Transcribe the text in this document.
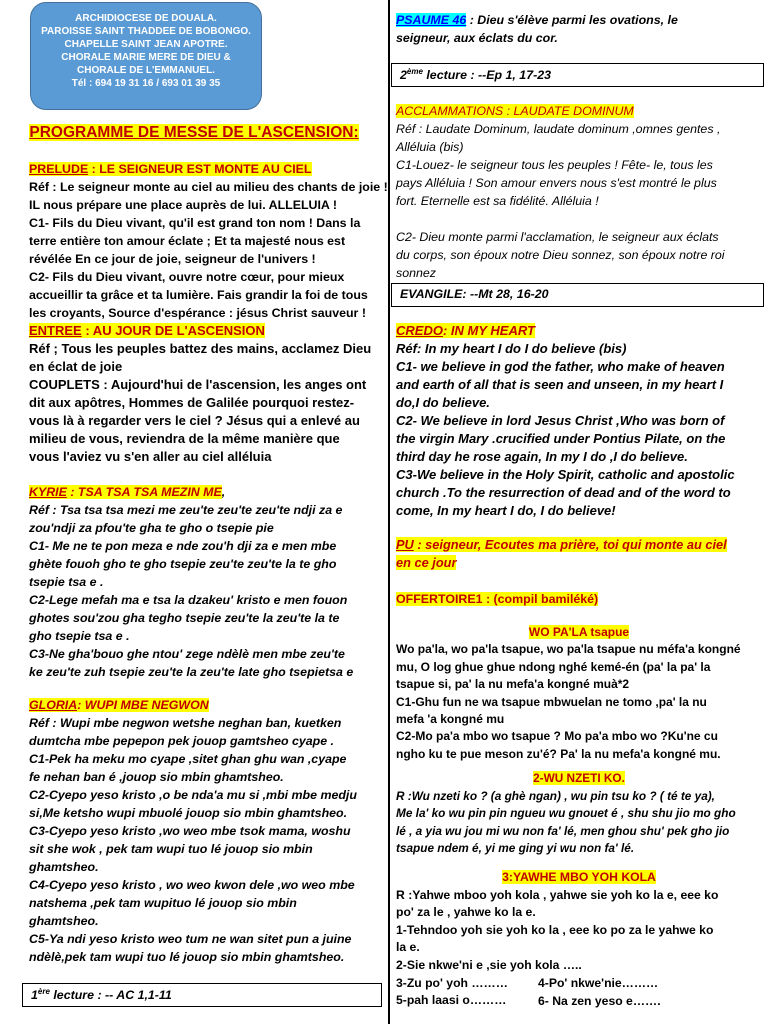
ARCHIDIOCESE DE DOUALA.
PAROISSE SAINT THADDEE DE BOBONGO.
CHAPELLE SAINT JEAN APOTRE.
CHORALE MARIE MERE DE DIEU &
CHORALE DE L'EMMANUEL.
Tél : 694 19 31 16 / 693 01 39 35
PROGRAMME DE MESSE DE L'ASCENSION:
PRELUDE : LE SEIGNEUR EST MONTE AU CIEL
Réf : Le seigneur monte au ciel au milieu des chants de joie !
IL nous prépare une place auprès de lui. ALLELUIA !
C1- Fils du Dieu vivant, qu'il est grand ton nom ! Dans la
terre entière ton amour éclate ; Et ta majesté nous est
révélée En ce jour de joie, seigneur de l'univers !
C2- Fils du Dieu vivant, ouvre notre cœur, pour mieux
accueillir ta grâce et ta lumière. Fais grandir la foi de tous
les croyants, Source d'espérance : jésus Christ sauveur !
ENTREE : AU JOUR DE L'ASCENSION
Réf ; Tous les peuples battez des mains, acclamez Dieu
en éclat de joie
COUPLETS : Aujourd'hui de l'ascension, les anges ont
dit aux apôtres, Hommes de Galilée pourquoi restez-
vous là à regarder vers le ciel ? Jésus qui a enlevé au
milieu de vous, reviendra de la même manière que
vous l'aviez vu s'en aller au ciel alléluia
KYRIE : TSA TSA TSA MEZIN ME,
Réf : Tsa tsa tsa mezi me zeu'te zeu'te zeu'te ndji za e
zou'ndji za pfou'te gha te gho o tsepie pie
C1- Me ne te pon meza e nde zou'h dji za e men mbe
ghète fouoh gho te gho tsepie zeu'te zeu'te la te gho
tsepie tsa e .
C2-Lege mefah ma e tsa la dzakeu' kristo e men fouon
ghotes sou'zou gha tegho tsepie zeu'te la zeu'te la te
gho tsepie tsa e .
C3-Ne gha'bouo ghe ntou' zege ndèlè men mbe zeu'te
ke zeu'te zuh tsepie zeu'te la zeu'te late gho tsepietsa e
GLORIA: WUPI MBE NEGWON
Réf : Wupi mbe negwon wetshe neghan ban, kuetken
dumtcha mbe pepepon pek jouop gamtsheo cyape .
C1-Pek ha meku mo cyape ,sitet ghan ghu wan ,cyape
fe nehan ban é ,jouop sio mbin ghamtsheo.
C2-Cyepo yeso kristo ,o be nda'a mu si ,mbi mbe medju
si,Me ketsho wupi mbuolé jouop sio mbin ghamtsheo.
C3-Cyepo yeso kristo ,wo weo mbe tsok mama, woshu
sit she wok , pek tam wupi tuo lé jouop sio mbin
ghamtsheo.
C4-Cyepo yeso kristo , wo weo kwon dele ,wo weo mbe
natshema ,pek tam wupituo lé jouop sio mbin
ghamtsheo.
C5-Ya ndi yeso kristo weo tum ne wan sitet pun a juine
ndèlè,pek tam wupi tuo lé jouop sio mbin ghamtsheo.
1ère lecture : -- AC 1,1-11
PSAUME 46 : Dieu s'élève parmi les ovations, le
seigneur, aux éclats du cor.
2ème lecture : --Ep 1, 17-23
ACCLAMMATIONS : LAUDATE DOMINUM
Réf : Laudate Dominum, laudate dominum ,omnes gentes ,
Alléluia (bis)
C1-Louez- le seigneur tous les peuples ! Fête- le, tous les
pays Alléluia ! Son amour envers nous s'est montré le plus
fort. Eternelle est sa fidélité. Alléluia !
C2- Dieu monte parmi l'acclamation, le seigneur aux éclats
du corps, son époux notre Dieu sonnez, son époux notre roi
sonnez
EVANGILE: --Mt 28, 16-20
CREDO: IN MY HEART
Réf: In my heart I do I do believe (bis)
C1- we believe in god the father, who make of heaven
and earth of all that is seen and unseen, in my heart I
do,I do believe.
C2- We believe in lord Jesus Christ ,Who was born of
the virgin Mary .crucified under Pontius Pilate, on the
third day he rose again, In my I do ,I do believe.
C3-We believe in the Holy Spirit, catholic and apostolic
church .To the resurrection of dead and of the word to
come, In my heart I do, I do believe!
PU : seigneur, Ecoutes ma prière, toi qui monte au ciel
en ce jour
OFFERTOIRE1 : (compil bamiléké)
WO PA'LA tsapue
Wo pa'la, wo pa'la tsapue, wo pa'la tsapue nu méfa'a kongné
mu, O log ghue ghue ndong nghé kemé-én (pa' la pa' la
tsapue si, pa' la nu mefa'a kongné muà*2
C1-Ghu fun ne wa tsapue mbwuelan ne tomo ,pa' la nu
mefa 'a kongné mu
C2-Mo pa'a mbo wo tsapue ? Mo pa'a mbo wo ?Ku'ne cu
ngho ku te pue meson zu'é? Pa' la nu mefa'a kongné mu.
2-WU NZETI KO.
R :Wu nzeti ko ? (a ghè ngan) , wu pin tsu ko ? ( té te ya),
Me la' ko wu pin pin ngueu wu gnouet é , shu shu jio mo gho
lé , a yia wu jou mi wu non fa' lé, men ghou shu' pek gho jio
tsapue ndem é, yi me ging yi wu non fa' lé.
3:YAWHE MBO YOH KOLA
R :Yahwe mboo yoh kola , yahwe sie yoh ko la e, eee ko
po' za le , yahwe ko la e.
1-Tehndoo yoh sie yoh ko la , eee ko po za le yahwe ko
la e.
2-Sie nkwe'ni e ,sie yoh kola …..
3-Zu po' yoh ………
5-pah laasi o………
4-Po' nkwe'nie………
6- Na zen yeso e…….
